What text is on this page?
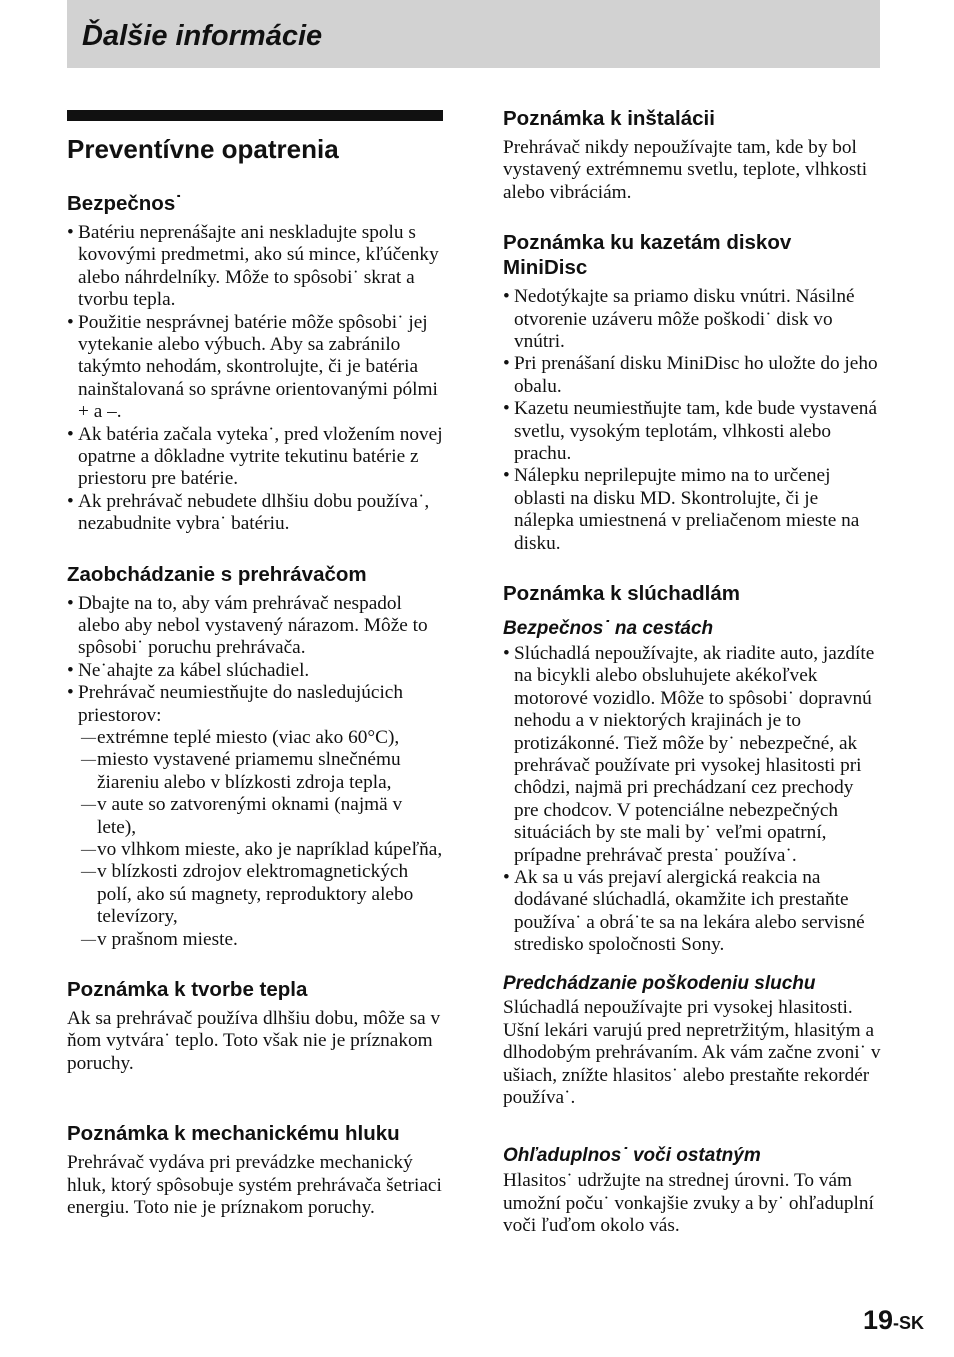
Ďalšie informácie
Preventívne opatrenia
Bezpečnos˙
• Batériu neprenášajte ani neskladujte spolu s kovovými predmetmi, ako sú mince, kľúčenky alebo náhrdelníky. Môže to spôsobi˙ skrat a tvorbu tepla.
• Použitie nesprávnej batérie môže spôsobi˙ jej vytekanie alebo výbuch. Aby sa zabránilo takýmto nehodám, skontrolujte, či je batéria nainštalovaná so správne orientovanými pólmi + a –.
• Ak batéria začala vyteka˙, pred vložením novej opatrne a dôkladne vytrite tekutinu batérie z priestoru pre batérie.
• Ak prehrávač nebudete dlhšiu dobu používa˙, nezabudnite vybra˙ batériu.
Zaobchádzanie s prehrávačom
• Dbajte na to, aby vám prehrávač nespadol alebo aby nebol vystavený nárazom. Môže to spôsobi˙ poruchu prehrávača.
• Ne˙ahajte za kábel slúchadiel.
• Prehrávač neumiestňujte do nasledujúcich priestorov:
— extrémne teplé miesto (viac ako 60°C),
— miesto vystavené priamemu slnečnému žiareniu alebo v blízkosti zdroja tepla,
— v aute so zatvorenými oknami (najmä v lete),
— vo vlhkom mieste, ako je napríklad kúpeľňa,
— v blízkosti zdrojov elektromagnetických polí, ako sú magnety, reproduktory alebo televízory,
— v prašnom mieste.
Poznámka k tvorbe tepla

Ak sa prehrávač používa dlhšiu dobu, môže sa v ňom vytvára˙ teplo. Toto však nie je príznakom poruchy.

Poznámka k mechanickému hluku

Prehrávač vydáva pri prevádzke mechanický hluk, ktorý spôsobuje systém prehrávača šetriaci energiu. Toto nie je príznakom poruchy.

Poznámka k inštalácii

Prehrávač nikdy nepoužívajte tam, kde by bol vystavený extrémnemu svetlu, teplote, vlhkosti alebo vibráciám.

Poznámka ku kazetám diskov MiniDisc
• Nedotýkajte sa priamo disku vnútri. Násilné otvorenie uzáveru môže poškodi˙ disk vo vnútri.
• Pri prenášaní disku MiniDisc ho uložte do jeho obalu.
• Kazetu neumiestňujte tam, kde bude vystavená svetlu, vysokým teplotám, vlhkosti alebo prachu.
• Nálepku neprilepujte mimo na to určenej oblasti na disku MD. Skontrolujte, či je nálepka umiestnená v preliačenom mieste na disku.
Poznámka k slúchadlám
Bezpečnos˙ na cestách
• Slúchadlá nepoužívajte, ak riadite auto, jazdíte na bicykli alebo obsluhujete akékoľvek motorové vozidlo. Môže to spôsobi˙ dopravnú nehodu a v niektorých krajinách je to protizákonné. Tiež môže by˙ nebezpečné, ak prehrávač používate pri vysokej hlasitosti pri chôdzi, najmä pri prechádzaní cez prechody pre chodcov. V potenciálne nebezpečných situáciách by ste mali by˙ veľmi opatrní, prípadne prehrávač presta˙ používa˙.
• Ak sa u vás prejaví alergická reakcia na dodávané slúchadlá, okamžite ich prestaňte používa˙ a obrá˙te sa na lekára alebo servisné stredisko spoločnosti Sony.
Predchádzanie poškodeniu sluchu

Slúchadlá nepoužívajte pri vysokej hlasitosti. Ušní lekári varujú pred nepretržitým, hlasitým a dlhodobým prehrávaním. Ak vám začne zvoni˙ v ušiach, znížte hlasitos˙ alebo prestaňte rekordér používa˙.

Ohľaduplnos˙ voči ostatným

Hlasitos˙ udržujte na strednej úrovni. To vám umožní poču˙ vonkajšie zvuky a by˙ ohľaduplní voči ľuďom okolo vás.

19-SK
